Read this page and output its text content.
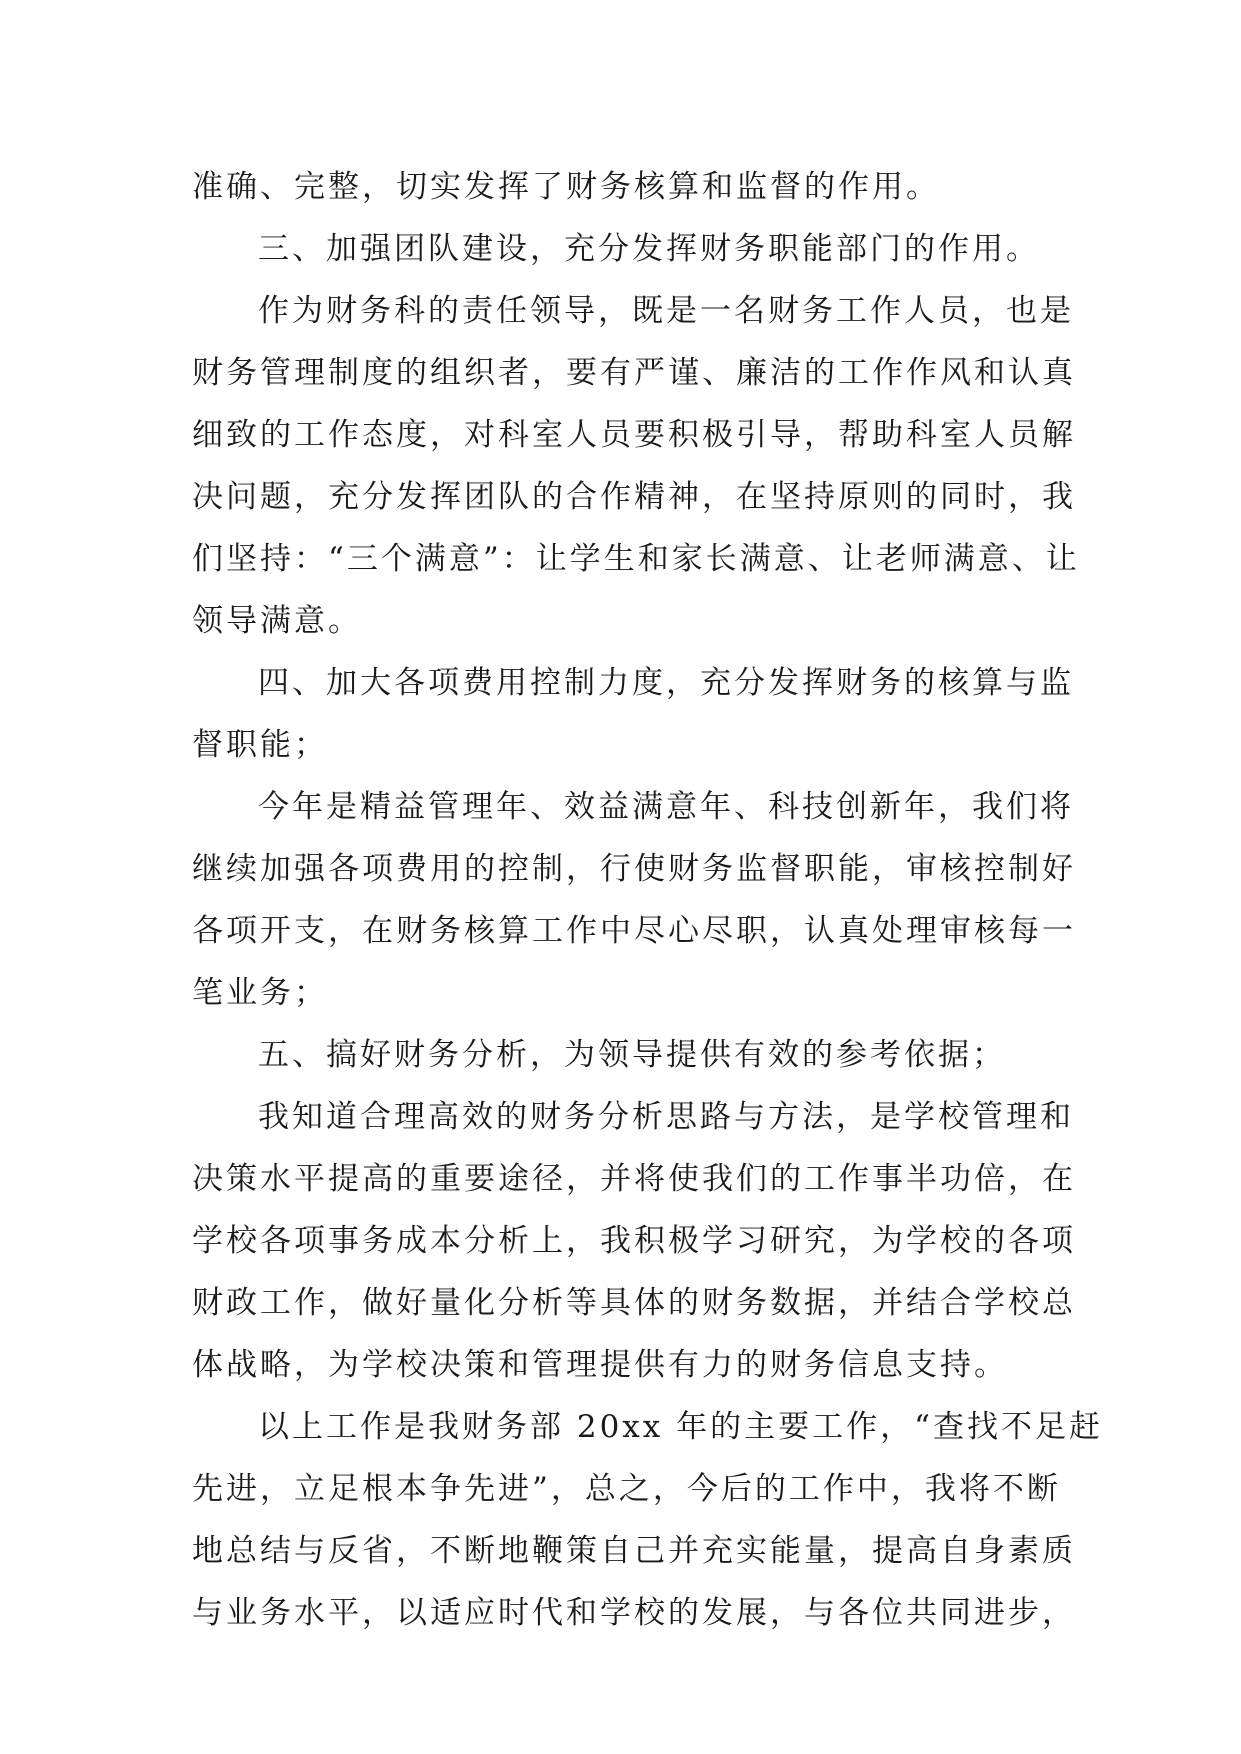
准确、完整，切实发挥了财务核算和监督的作用。
三、加强团队建设，充分发挥财务职能部门的作用。
作为财务科的责任领导，既是一名财务工作人员，也是
财务管理制度的组织者，要有严谨、廉洁的工作作风和认真
细致的工作态度，对科室人员要积极引导，帮助科室人员解
决问题，充分发挥团队的合作精神，在坚持原则的同时，我
们坚持：“三个满意”：让学生和家长满意、让老师满意、让
领导满意。
四、加大各项费用控制力度，充分发挥财务的核算与监
督职能；
今年是精益管理年、效益满意年、科技创新年，我们将
继续加强各项费用的控制，行使财务监督职能，审核控制好
各项开支，在财务核算工作中尽心尽职，认真处理审核每一
笔业务；
五、搞好财务分析，为领导提供有效的参考依据；
我知道合理高效的财务分析思路与方法，是学校管理和
决策水平提高的重要途径，并将使我们的工作事半功倍，在
学校各项事务成本分析上，我积极学习研究，为学校的各项
财政工作，做好量化分析等具体的财务数据，并结合学校总
体战略，为学校决策和管理提供有力的财务信息支持。
以上工作是我财务部 20xx 年的主要工作，“查找不足赶
先进，立足根本争先进”，总之，今后的工作中，我将不断
地总结与反省，不断地鞭策自己并充实能量，提高自身素质
与业务水平，以适应时代和学校的发展，与各位共同进步，
